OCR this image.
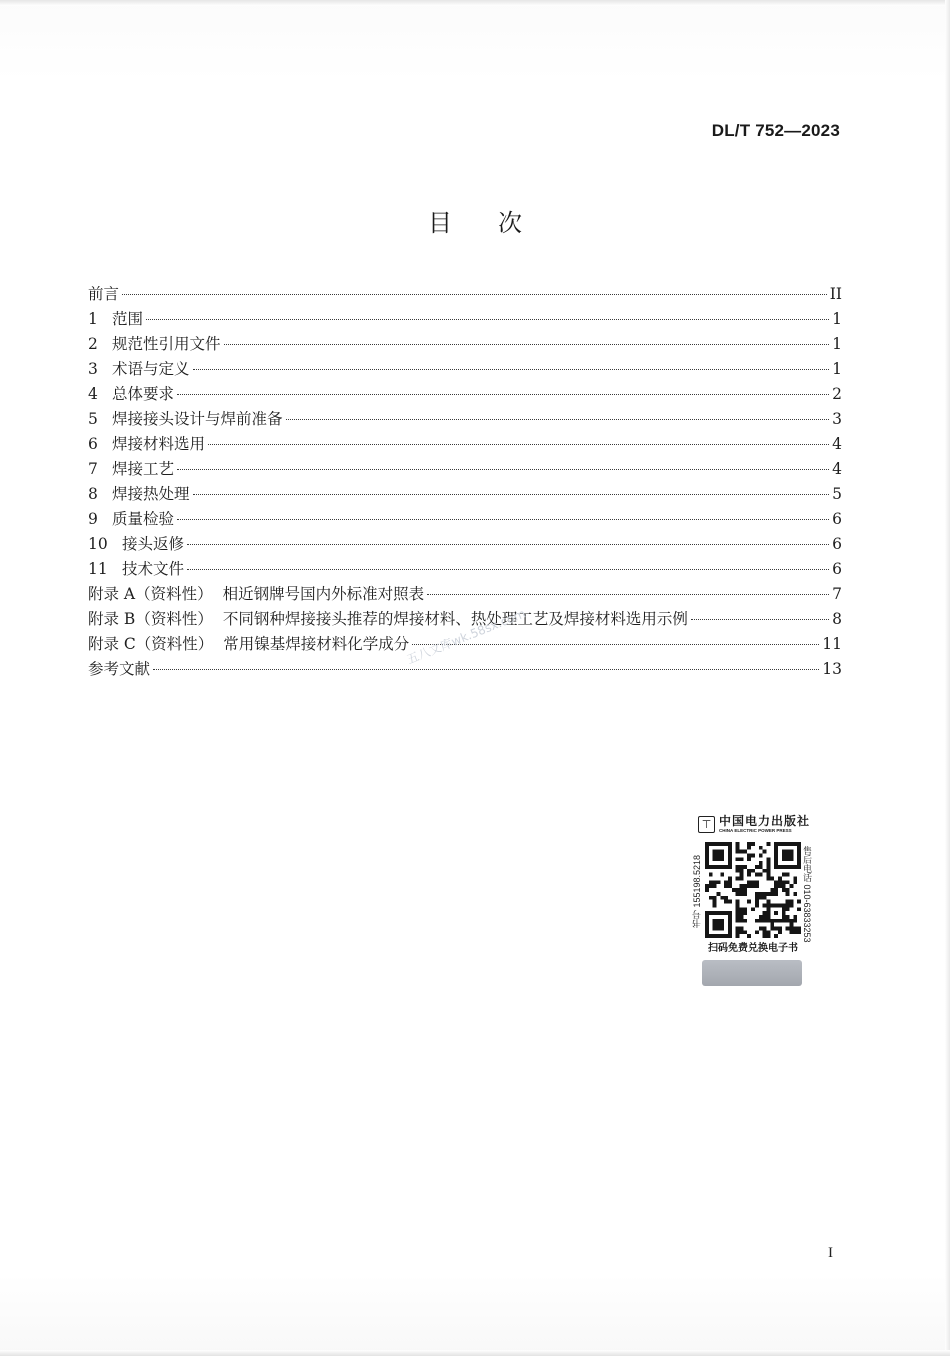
DL/T 752—2023
目次
前言	II
1 范围	1
2 规范性引用文件	1
3 术语与定义	1
4 总体要求	2
5 焊接接头设计与焊前准备	3
6 焊接材料选用	4
7 焊接工艺	4
8 焊接热处理	5
9 质量检验	6
10 接头返修	6
11 技术文件	6
附录 A（资料性） 相近钢牌号国内外标准对照表	7
附录 B（资料性） 不同钢种焊接接头推荐的焊接材料、热处理工艺及焊接材料选用示例	8
附录 C（资料性） 常用镍基焊接材料化学成分	11
参考文献	13
五八文库wk.58sx.com
⊤ 中国电力出版社
CHINA ELECTRIC POWER PRESS
书号 155198.5218	售后电话 010-63833253
扫码免费兑换电子书
I
